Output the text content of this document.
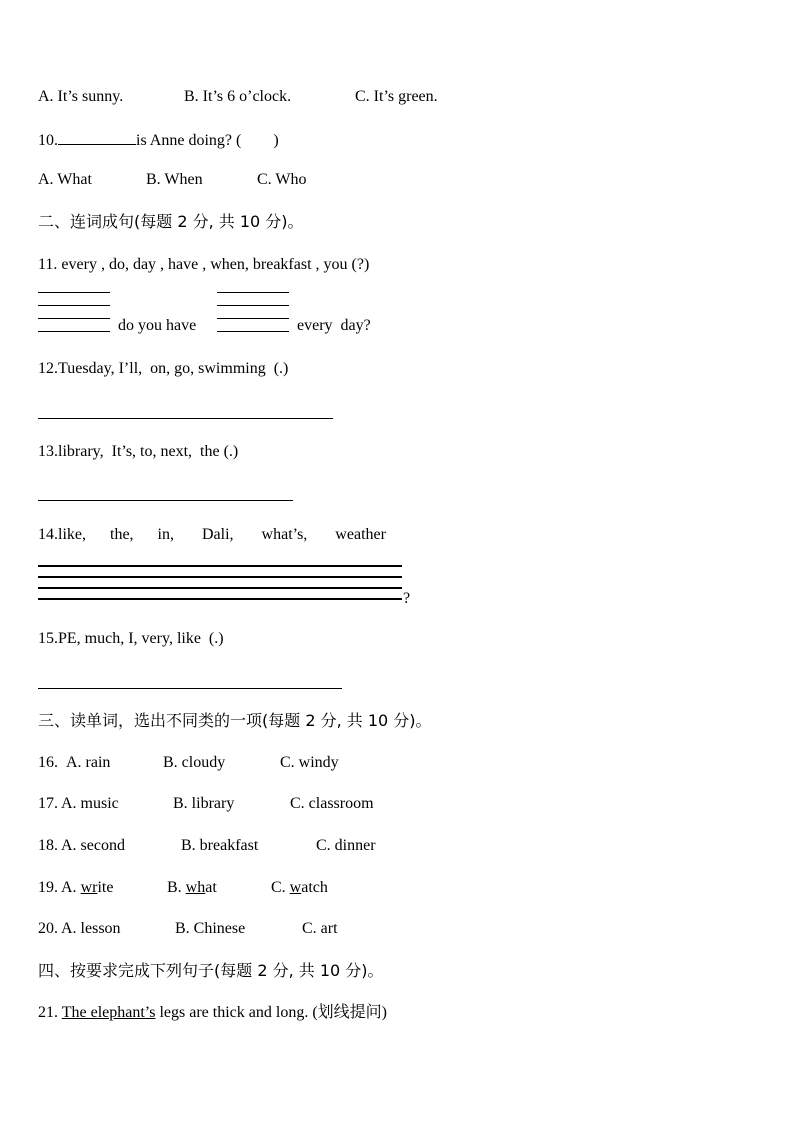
A. It’s sunny.	B. It’s 6 o’clock.	C. It’s green.
10.	is Anne doing? (        )
A. What	B. When	C. Who
二、连词成句(每题 2 分, 共 10 分)。
11. every , do, day , have , when, breakfast , you (?)
do you have	every  day?
12.Tuesday, I’ll,  on, go, swimming  (.)
13.library,  It’s, to, next,  the (.)
14.like,      the,      in,       Dali,       what’s,       weather
?
15.PE, much, I, very, like  (.)
三、读单词，选出不同类的一项(每题 2 分, 共 10 分)。
16. A. rain	B. cloudy	C. windy
17. A. music	B. library	C. classroom
18. A. second	B. breakfast	C. dinner
19. A. write	B. what	C. watch
20. A. lesson	B. Chinese	C. art
四、按要求完成下列句子(每题 2 分, 共 10 分)。
21. The elephant’s legs are thick and long. (划线提问)
